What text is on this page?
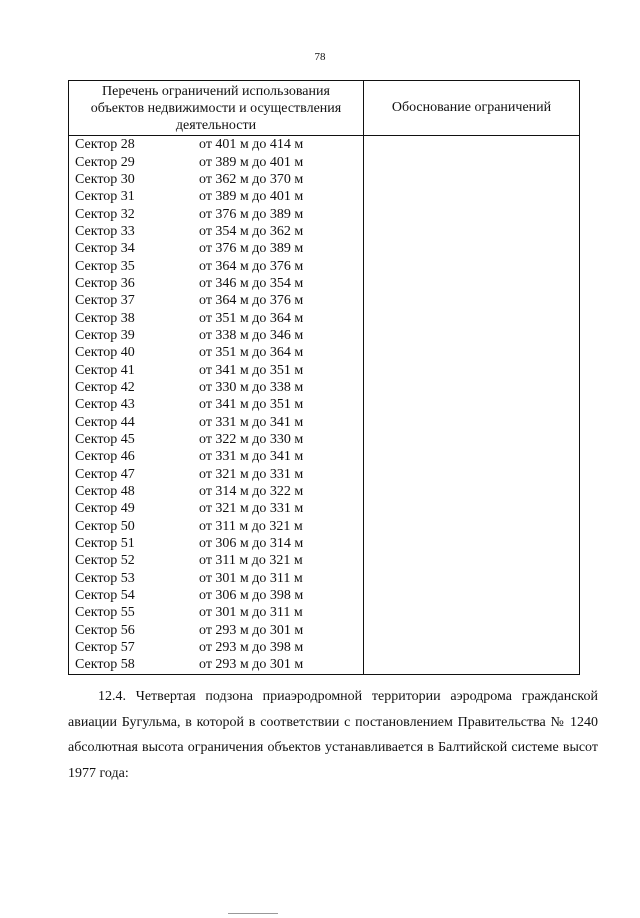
78
Перечень ограничений использования
объектов недвижимости и осуществления
деятельности	Обоснование ограничений
Сектор 28 от 401 м до 414 м	
Сектор 29 от 389 м до 401 м	
Сектор 30 от 362 м до 370 м	
Сектор 31 от 389 м до 401 м	
Сектор 32 от 376 м до 389 м	
Сектор 33 от 354 м до 362 м	
Сектор 34 от 376 м до 389 м	
Сектор 35 от 364 м до 376 м	
Сектор 36 от 346 м до 354 м	
Сектор 37 от 364 м до 376 м	
Сектор 38 от 351 м до 364 м	
Сектор 39 от 338 м до 346 м	
Сектор 40 от 351 м до 364 м	
Сектор 41 от 341 м до 351 м	
Сектор 42 от 330 м до 338 м	
Сектор 43 от 341 м до 351 м	
Сектор 44 от 331 м до 341 м	
Сектор 45 от 322 м до 330 м	
Сектор 46 от 331 м до 341 м	
Сектор 47 от 321 м до 331 м	
Сектор 48 от 314 м до 322 м	
Сектор 49 от 321 м до 331 м	
Сектор 50 от 311 м до 321 м	
Сектор 51 от 306 м до 314 м	
Сектор 52 от 311 м до 321 м	
Сектор 53 от 301 м до 311 м	
Сектор 54 от 306 м до 398 м	
Сектор 55 от 301 м до 311 м	
Сектор 56 от 293 м до 301 м	
Сектор 57 от 293 м до 398 м	
Сектор 58 от 293 м до 301 м	
12.4. Четвертая подзона приаэродромной территории аэродрома гражданской авиации Бугульма, в которой в соответствии с постановлением Правительства № 1240 абсолютная высота ограничения объектов устанавливается в Балтийской системе высот 1977 года:
